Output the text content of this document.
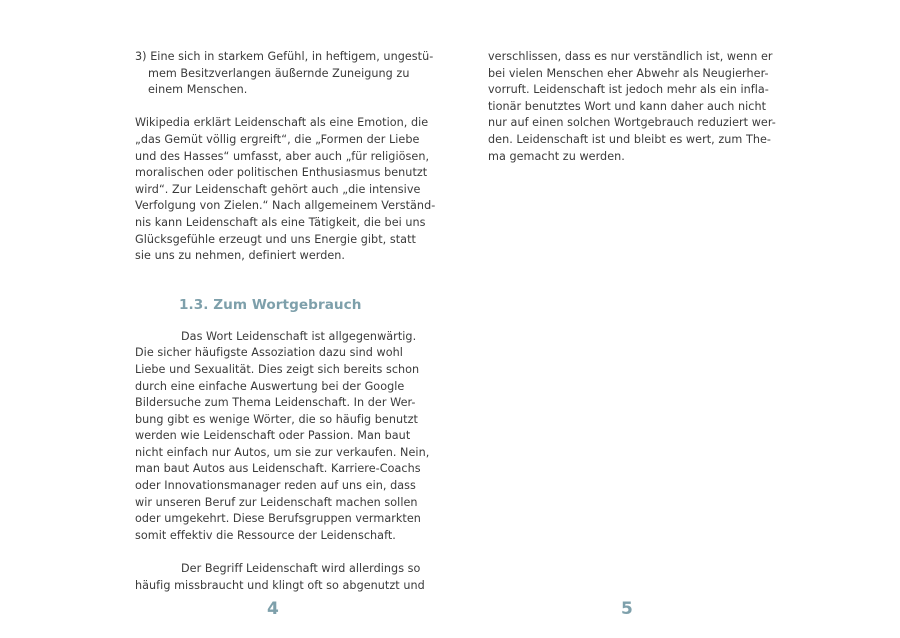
3) Eine sich in starkem Gefühl, in heftigem, ungestü-
mem Besitzverlangen äußernde Zuneigung zu
einem Menschen.
Wikipedia erklärt Leidenschaft als eine Emotion, die
„das Gemüt völlig ergreift“, die „Formen der Liebe
und des Hasses“ umfasst, aber auch „für religiösen,
moralischen oder politischen Enthusiasmus benutzt
wird“. Zur Leidenschaft gehört auch „die intensive
Verfolgung von Zielen.“ Nach allgemeinem Verständ-
nis kann Leidenschaft als eine Tätigkeit, die bei uns
Glücksgefühle erzeugt und uns Energie gibt, statt
sie uns zu nehmen, definiert werden.
1.3. Zum Wortgebrauch
Das Wort Leidenschaft ist allgegenwärtig.
Die sicher häufigste Assoziation dazu sind wohl
Liebe und Sexualität. Dies zeigt sich bereits schon
durch eine einfache Auswertung bei der Google
Bildersuche zum Thema Leidenschaft. In der Wer-
bung gibt es wenige Wörter, die so häufig benutzt
werden wie Leidenschaft oder Passion. Man baut
nicht einfach nur Autos, um sie zur verkaufen. Nein,
man baut Autos aus Leidenschaft. Karriere-Coachs
oder Innovationsmanager reden auf uns ein, dass
wir unseren Beruf zur Leidenschaft machen sollen
oder umgekehrt. Diese Berufsgruppen vermarkten
somit effektiv die Ressource der Leidenschaft.
Der Begriff Leidenschaft wird allerdings so
häufig missbraucht und klingt oft so abgenutzt und
4
verschlissen, dass es nur verständlich ist, wenn er
bei vielen Menschen eher Abwehr als Neugierher-
vorruft. Leidenschaft ist jedoch mehr als ein infla-
tionär benutztes Wort und kann daher auch nicht
nur auf einen solchen Wortgebrauch reduziert wer-
den. Leidenschaft ist und bleibt es wert, zum The-
ma gemacht zu werden.
5
